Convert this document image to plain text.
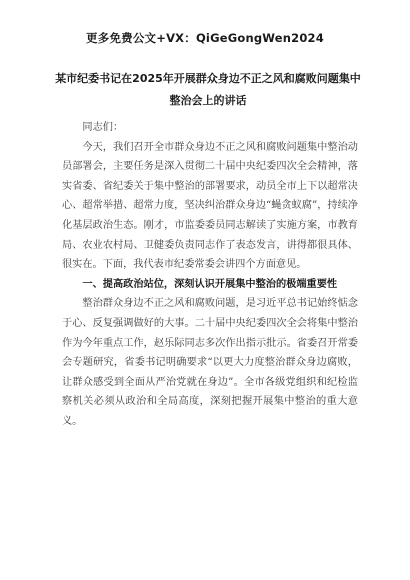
更多免费公文+VX：QiGeGongWen2024
某市纪委书记在2025年开展群众身边不正之风和腐败问题集中整治会上的讲话

同志们：

今天，我们召开全市群众身边不正之风和腐败问题集中整治动员部署会，主要任务是深入贯彻二十届中央纪委四次全会精神，落实省委、省纪委关于集中整治的部署要求，动员全市上下以超常决心、超常举措、超常力度，坚决纠治群众身边“蝇贪蚁腐”，持续净化基层政治生态。刚才，市监委委员同志解读了实施方案，市教育局、农业农村局、卫健委负责同志作了表态发言，讲得都很具体、很实在。下面，我代表市纪委常委会讲四个方面意见。

一、提高政治站位，深刻认识开展集中整治的极端重要性

整治群众身边不正之风和腐败问题，是习近平总书记始终惦念于心、反复强调做好的大事。二十届中央纪委四次全会将集中整治作为今年重点工作，赵乐际同志多次作出指示批示。省委召开常委会专题研究，省委书记明确要求“以更大力度整治群众身边腐败，让群众感受到全面从严治党就在身边”。全市各级党组织和纪检监察机关必须从政治和全局高度，深刻把握开展集中整治的重大意义。
